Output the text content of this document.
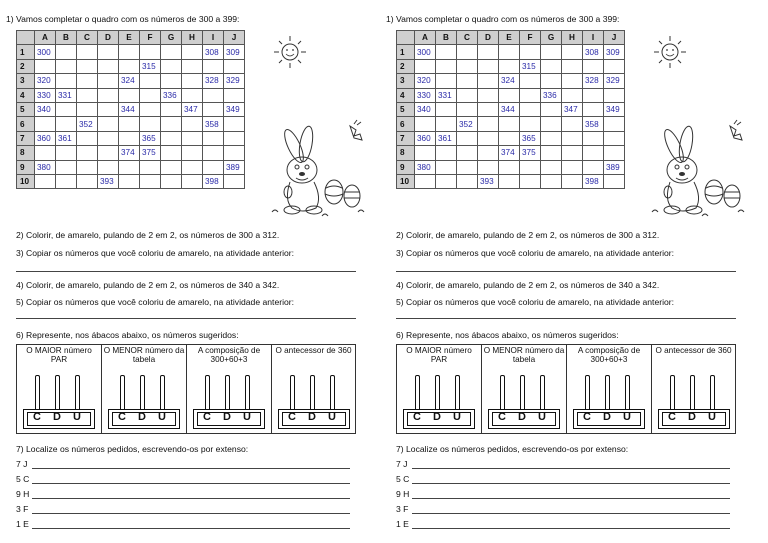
1) Vamos completar o quadro com os números de 300 a 399:
	A	B	C	D	E	F	G	H	I	J
1	300								308	309
2						315				
3	320				324				328	329
4	330	331					336			
5	340				344			347		349
6			352						358	
7	360	361				365				
8					374	375				
9	380									389
10				393					398	
2) Colorir, de amarelo, pulando de 2 em 2, os números de 300 a 312.
3) Copiar os números que você coloriu de amarelo, na atividade anterior:
4) Colorir, de amarelo, pulando de 2 em 2, os números de 340 a 342.
5) Copiar os números que você coloriu de amarelo, na atividade anterior:
6) Represente, nos ábacos abaixo, os números sugeridos:
O MAIOR número PAR
C D U
O MENOR número da tabela
C D U
A composição de 300+60+3
C D U
O antecessor de 360
C D U
7) Localize os números pedidos, escrevendo-os por extenso:
7 J
5 C
9 H
3 F
1 E
1) Vamos completar o quadro com os números de 300 a 399:
	A	B	C	D	E	F	G	H	I	J
1	300								308	309
2						315				
3	320				324				328	329
4	330	331					336			
5	340				344			347		349
6			352						358	
7	360	361				365				
8					374	375				
9	380									389
10				393					398	
2) Colorir, de amarelo, pulando de 2 em 2, os números de 300 a 312.
3) Copiar os números que você coloriu de amarelo, na atividade anterior:
4) Colorir, de amarelo, pulando de 2 em 2, os números de 340 a 342.
5) Copiar os números que você coloriu de amarelo, na atividade anterior:
6) Represente, nos ábacos abaixo, os números sugeridos:
O MAIOR número PAR
C D U
O MENOR número da tabela
C D U
A composição de 300+60+3
C D U
O antecessor de 360
C D U
7) Localize os números pedidos, escrevendo-os por extenso:
7 J
5 C
9 H
3 F
1 E
